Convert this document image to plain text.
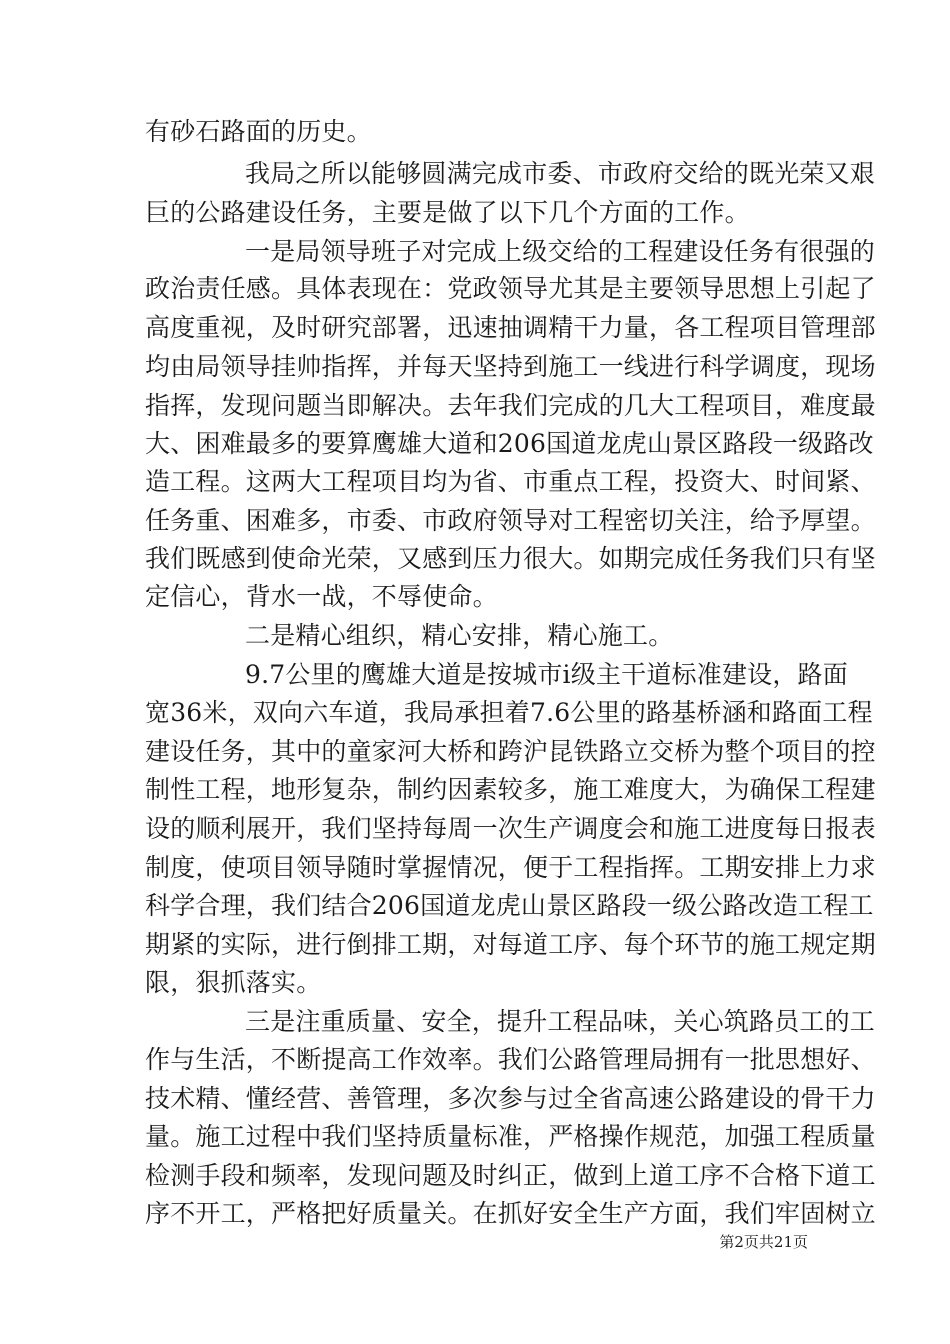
有砂石路面的历史。
我局之所以能够圆满完成市委、市政府交给的既光荣又艰
巨的公路建设任务，主要是做了以下几个方面的工作。
一是局领导班子对完成上级交给的工程建设任务有很强的
政治责任感。具体表现在：党政领导尤其是主要领导思想上引起了
高度重视，及时研究部署，迅速抽调精干力量，各工程项目管理部
均由局领导挂帅指挥，并每天坚持到施工一线进行科学调度，现场
指挥，发现问题当即解决。去年我们完成的几大工程项目，难度最
大、困难最多的要算鹰雄大道和206国道龙虎山景区路段一级路改
造工程。这两大工程项目均为省、市重点工程，投资大、时间紧、
任务重、困难多，市委、市政府领导对工程密切关注，给予厚望。
我们既感到使命光荣，又感到压力很大。如期完成任务我们只有坚
定信心，背水一战，不辱使命。
二是精心组织，精心安排，精心施工。
9.7公里的鹰雄大道是按城市ⅰ级主干道标准建设，路面
宽36米，双向六车道，我局承担着7.6公里的路基桥涵和路面工程
建设任务，其中的童家河大桥和跨沪昆铁路立交桥为整个项目的控
制性工程，地形复杂，制约因素较多，施工难度大，为确保工程建
设的顺利展开，我们坚持每周一次生产调度会和施工进度每日报表
制度，使项目领导随时掌握情况，便于工程指挥。工期安排上力求
科学合理，我们结合206国道龙虎山景区路段一级公路改造工程工
期紧的实际，进行倒排工期，对每道工序、每个环节的施工规定期
限，狠抓落实。
三是注重质量、安全，提升工程品味，关心筑路员工的工
作与生活，不断提高工作效率。我们公路管理局拥有一批思想好、
技术精、懂经营、善管理，多次参与过全省高速公路建设的骨干力
量。施工过程中我们坚持质量标准，严格操作规范，加强工程质量
检测手段和频率，发现问题及时纠正，做到上道工序不合格下道工
序不开工，严格把好质量关。在抓好安全生产方面，我们牢固树立
第2页共21页
